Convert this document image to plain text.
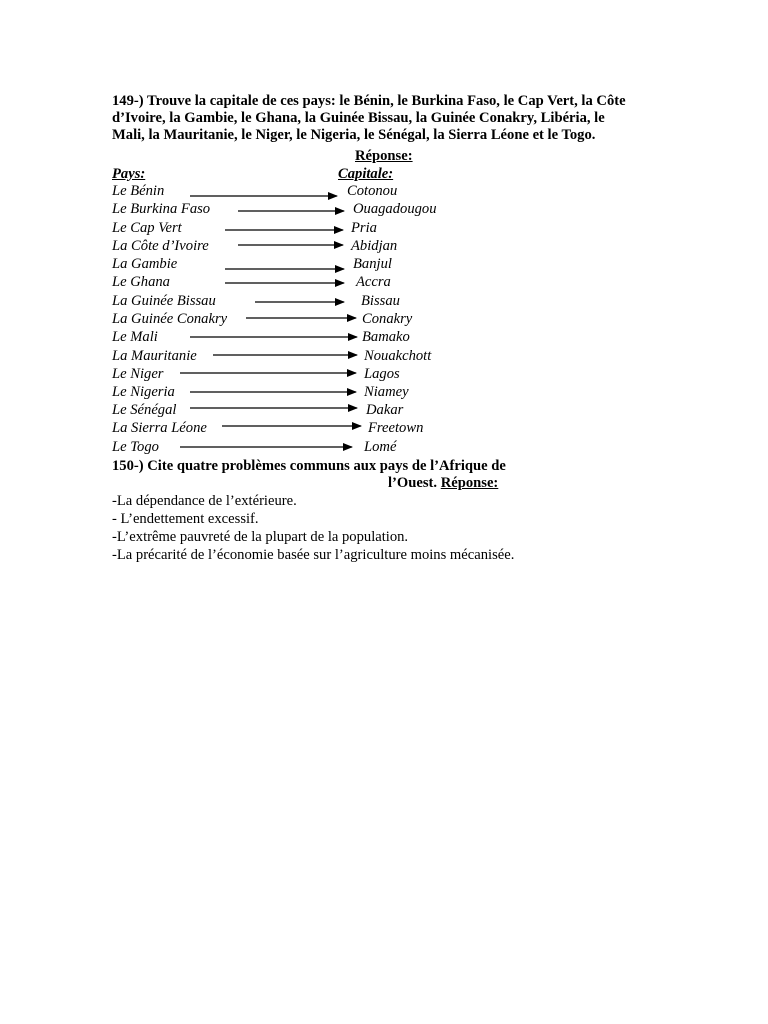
149-) Trouve la capitale de ces pays: le Bénin, le Burkina Faso, le Cap Vert, la Côte
d’Ivoire, la Gambie, le Ghana, la Guinée Bissau, la Guinée Conakry, Libéria, le
Mali, la Mauritanie, le Niger, le Nigeria, le Sénégal, la Sierra Léone et le Togo.
Réponse:
Pays:	Capitale:
Le Bénin	Cotonou
Le Burkina Faso	Ouagadougou
Le Cap Vert	Pria
La Côte d’Ivoire	Abidjan
La Gambie	Banjul
Le Ghana	Accra
La Guinée Bissau	Bissau
La Guinée Conakry	Conakry
Le Mali	Bamako
La Mauritanie	Nouakchott
Le Niger	Lagos
Le Nigeria	Niamey
Le Sénégal	Dakar
La Sierra Léone	Freetown
Le Togo	Lomé
150-) Cite quatre problèmes communs aux pays de l’Afrique de
l’Ouest. Réponse:
-La dépendance de l’extérieure.
- L’endettement excessif.
-L’extrême pauvreté de la plupart de la population.
-La précarité de l’économie basée sur l’agriculture moins mécanisée.
